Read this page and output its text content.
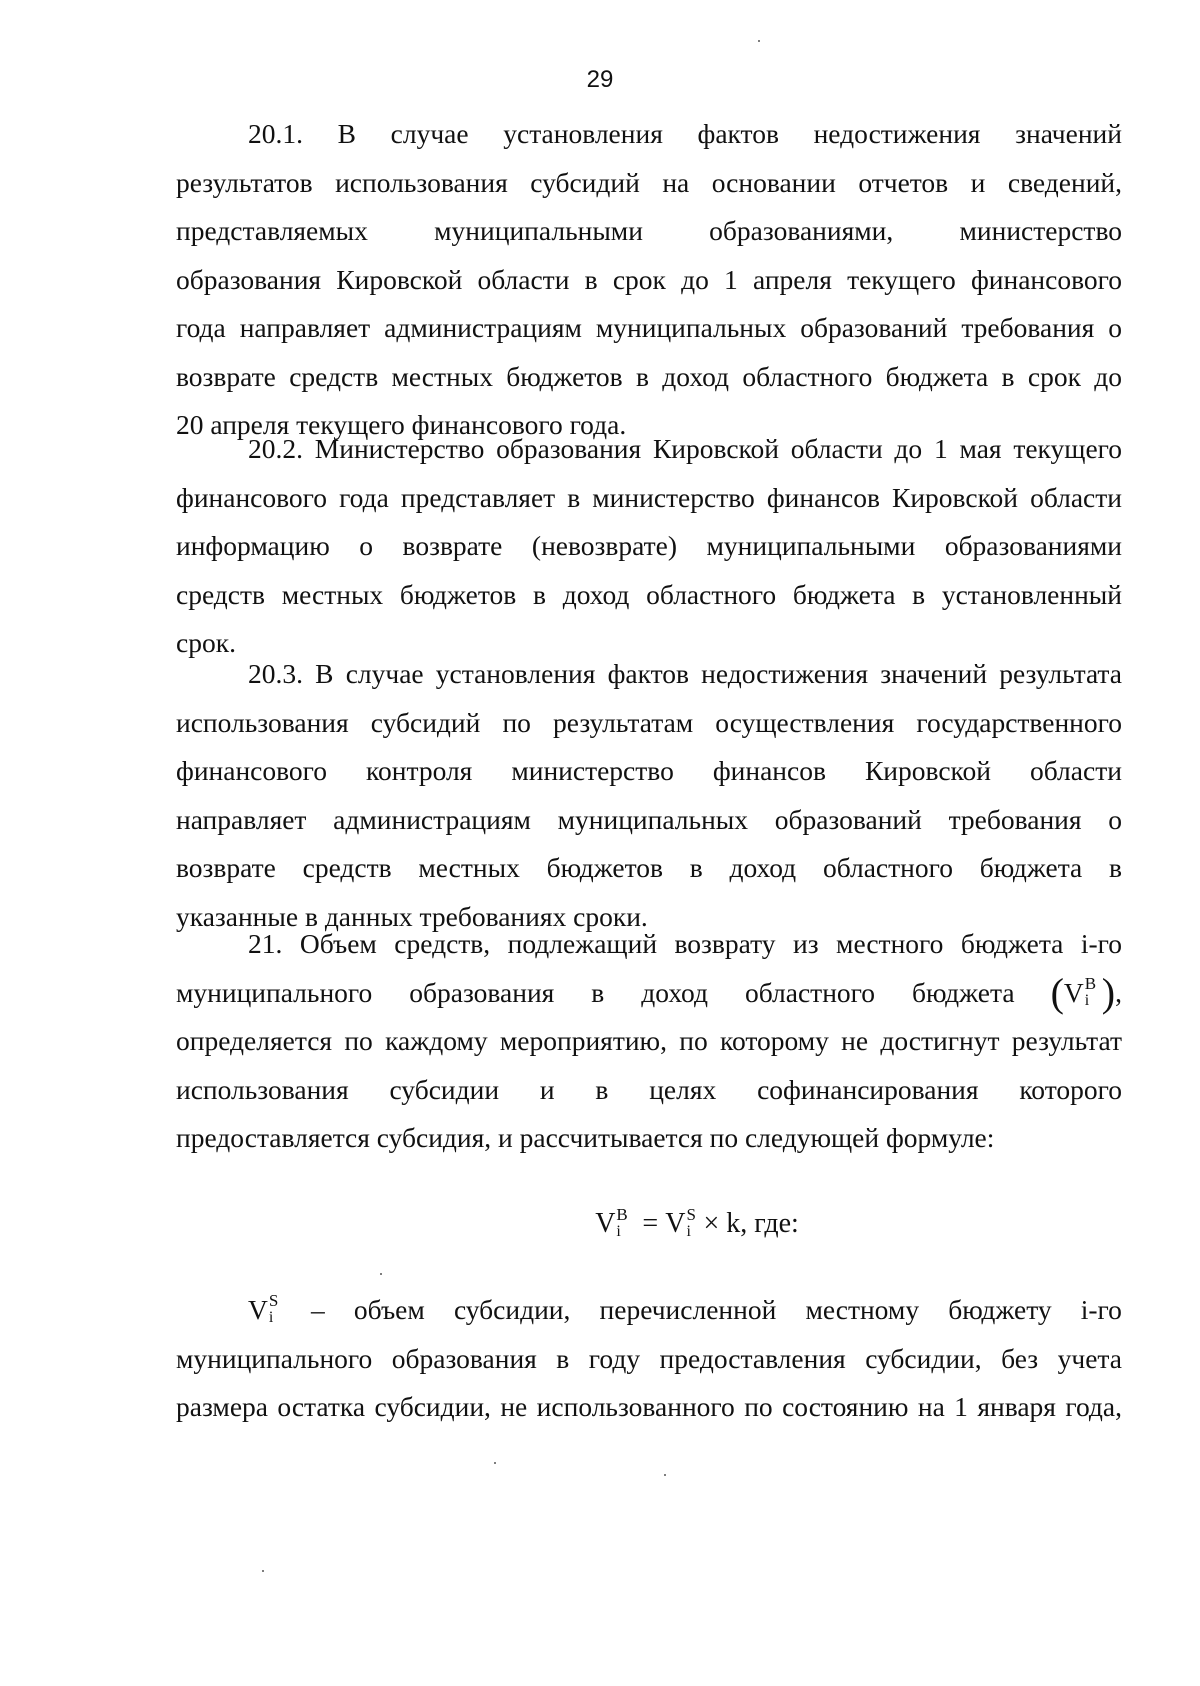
29
20.1. В случае установления фактов недостижения значений
результатов использования субсидий на основании отчетов и сведений,
представляемых муниципальными образованиями, министерство
образования Кировской области в срок до 1 апреля текущего финансового
года направляет администрациям муниципальных образований требования о
возврате средств местных бюджетов в доход областного бюджета в срок до
20 апреля текущего финансового года.
20.2. Министерство образования Кировской области до 1 мая текущего
финансового года представляет в министерство финансов Кировской области
информацию о возврате (невозврате) муниципальными образованиями
средств местных бюджетов в доход областного бюджета в установленный
срок.
20.3. В случае установления фактов недостижения значений результата
использования субсидий по результатам осуществления государственного
финансового контроля министерство финансов Кировской области
направляет администрациям муниципальных образований требования о
возврате средств местных бюджетов в доход областного бюджета в
указанные в данных требованиях сроки.
21. Объем средств, подлежащий возврату из местного бюджета i-го
муниципального образования в доход областного бюджета (V B
i ),
определяется по каждому мероприятию, по которому не достигнут результат
использования субсидии и в целях софинансирования которого
предоставляется субсидия, и рассчитывается по следующей формуле:
V B
i = V S
i × k, где:
V S
i – объем субсидии, перечисленной местному бюджету i-го
муниципального образования в году предоставления субсидии, без учета
размера остатка субсидии, не использованного по состоянию на 1 января года,
